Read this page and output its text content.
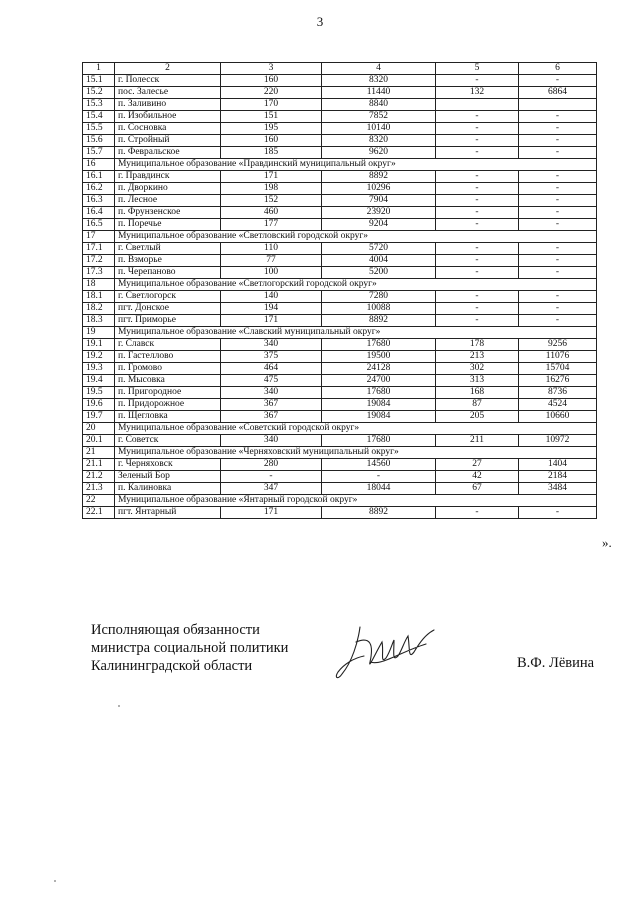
3
1	2	3	4	5	6
15.1	г. Полесск	160	8320	-	-
15.2	пос. Залесье	220	11440	132	6864
15.3	п. Заливино	170	8840		
15.4	п. Изобильное	151	7852	-	-
15.5	п. Сосновка	195	10140	-	-
15.6	п. Стройный	160	8320	-	-
15.7	п. Февральское	185	9620	-	-
16	Муниципальное образование «Правдинский муниципальный округ»				
16.1	г. Правдинск	171	8892	-	-
16.2	п. Дворкино	198	10296	-	-
16.3	п. Лесное	152	7904	-	-
16.4	п. Фрунзенское	460	23920	-	-
16.5	п. Поречье	177	9204	-	-
17	Муниципальное образование «Светловский городской округ»				
17.1	г. Светлый	110	5720	-	-
17.2	п. Взморье	77	4004	-	-
17.3	п. Черепаново	100	5200	-	-
18	Муниципальное образование «Светлогорский городской округ»				
18.1	г. Светлогорск	140	7280	-	-
18.2	пгт. Донское	194	10088	-	-
18.3	пгт. Приморье	171	8892	-	-
19	Муниципальное образование «Славский муниципальный округ»				
19.1	г. Славск	340	17680	178	9256
19.2	п. Гастеллово	375	19500	213	11076
19.3	п. Громово	464	24128	302	15704
19.4	п. Мысовка	475	24700	313	16276
19.5	п. Пригородное	340	17680	168	8736
19.6	п. Придорожное	367	19084	87	4524
19.7	п. Щегловка	367	19084	205	10660
20	Муниципальное образование «Советский городской округ»				
20.1	г. Советск	340	17680	211	10972
21	Муниципальное образование «Черняховский муниципальный округ»				
21.1	г. Черняховск	280	14560	27	1404
21.2	Зеленый Бор	-	-	42	2184
21.3	п. Калиновка	347	18044	67	3484
22	Муниципальное образование «Янтарный городской округ»				
22.1	пгт. Янтарный	171	8892	-	-
».
Исполняющая обязанности
министра социальной политики
Калининградской области	В.Ф. Лёвина
